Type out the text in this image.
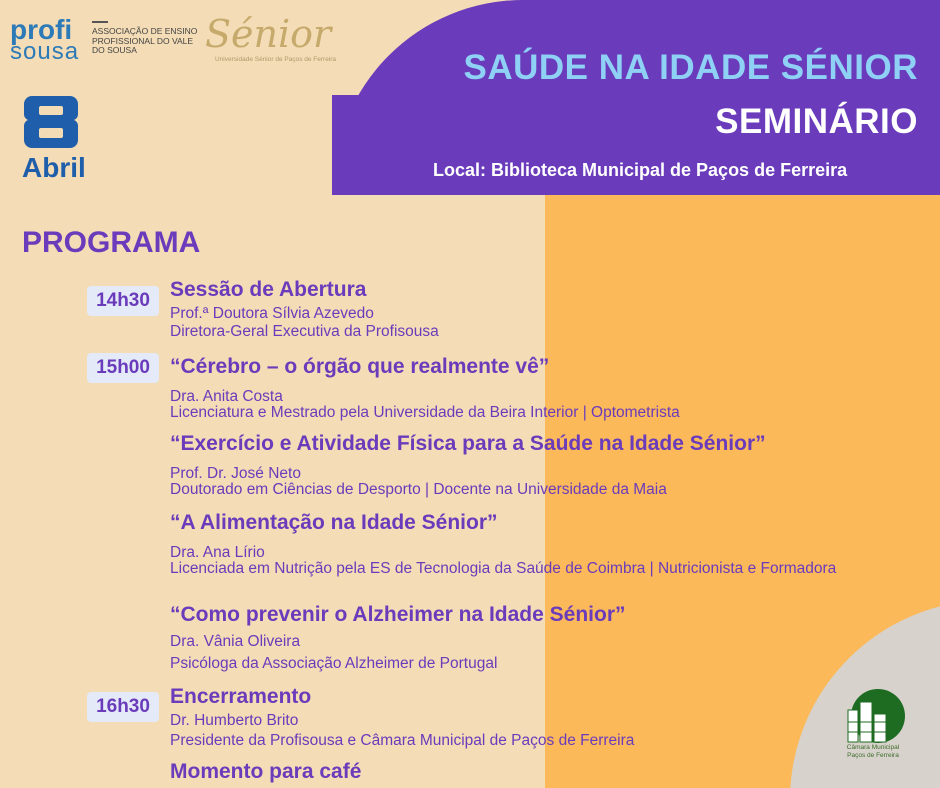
SAÚDE NA IDADE SÉNIOR
SEMINÁRIO
Local: Biblioteca Municipal de Paços de Ferreira
profi
sousa
ASSOCIAÇÃO DE ENSINO PROFISSIONAL DO VALE DO SOUSA	Sénior
Universidade Sénior de Paços de Ferreira
Abril
PROGRAMA
14h30
15h00
16h30
Sessão de Abertura
Prof.ª Doutora Sílvia Azevedo
Diretora-Geral Executiva da Profisousa
“Cérebro – o órgão que realmente vê”
Dra. Anita Costa
Licenciatura e Mestrado pela Universidade da Beira Interior | Optometrista
“Exercício e Atividade Física para a Saúde na Idade Sénior”
Prof. Dr. José Neto
Doutorado em Ciências de Desporto | Docente na Universidade da Maia
“A Alimentação na Idade Sénior”
Dra. Ana Lírio
Licenciada em Nutrição pela ES de Tecnologia da Saúde de Coimbra | Nutricionista e Formadora
“Como prevenir o Alzheimer na Idade Sénior”
Dra. Vânia Oliveira
Psicóloga da Associação Alzheimer de Portugal
Encerramento
Dr. Humberto Brito
Presidente da Profisousa e Câmara Municipal de Paços de Ferreira
Momento para café
Câmara Municipal Paços de Ferreira
